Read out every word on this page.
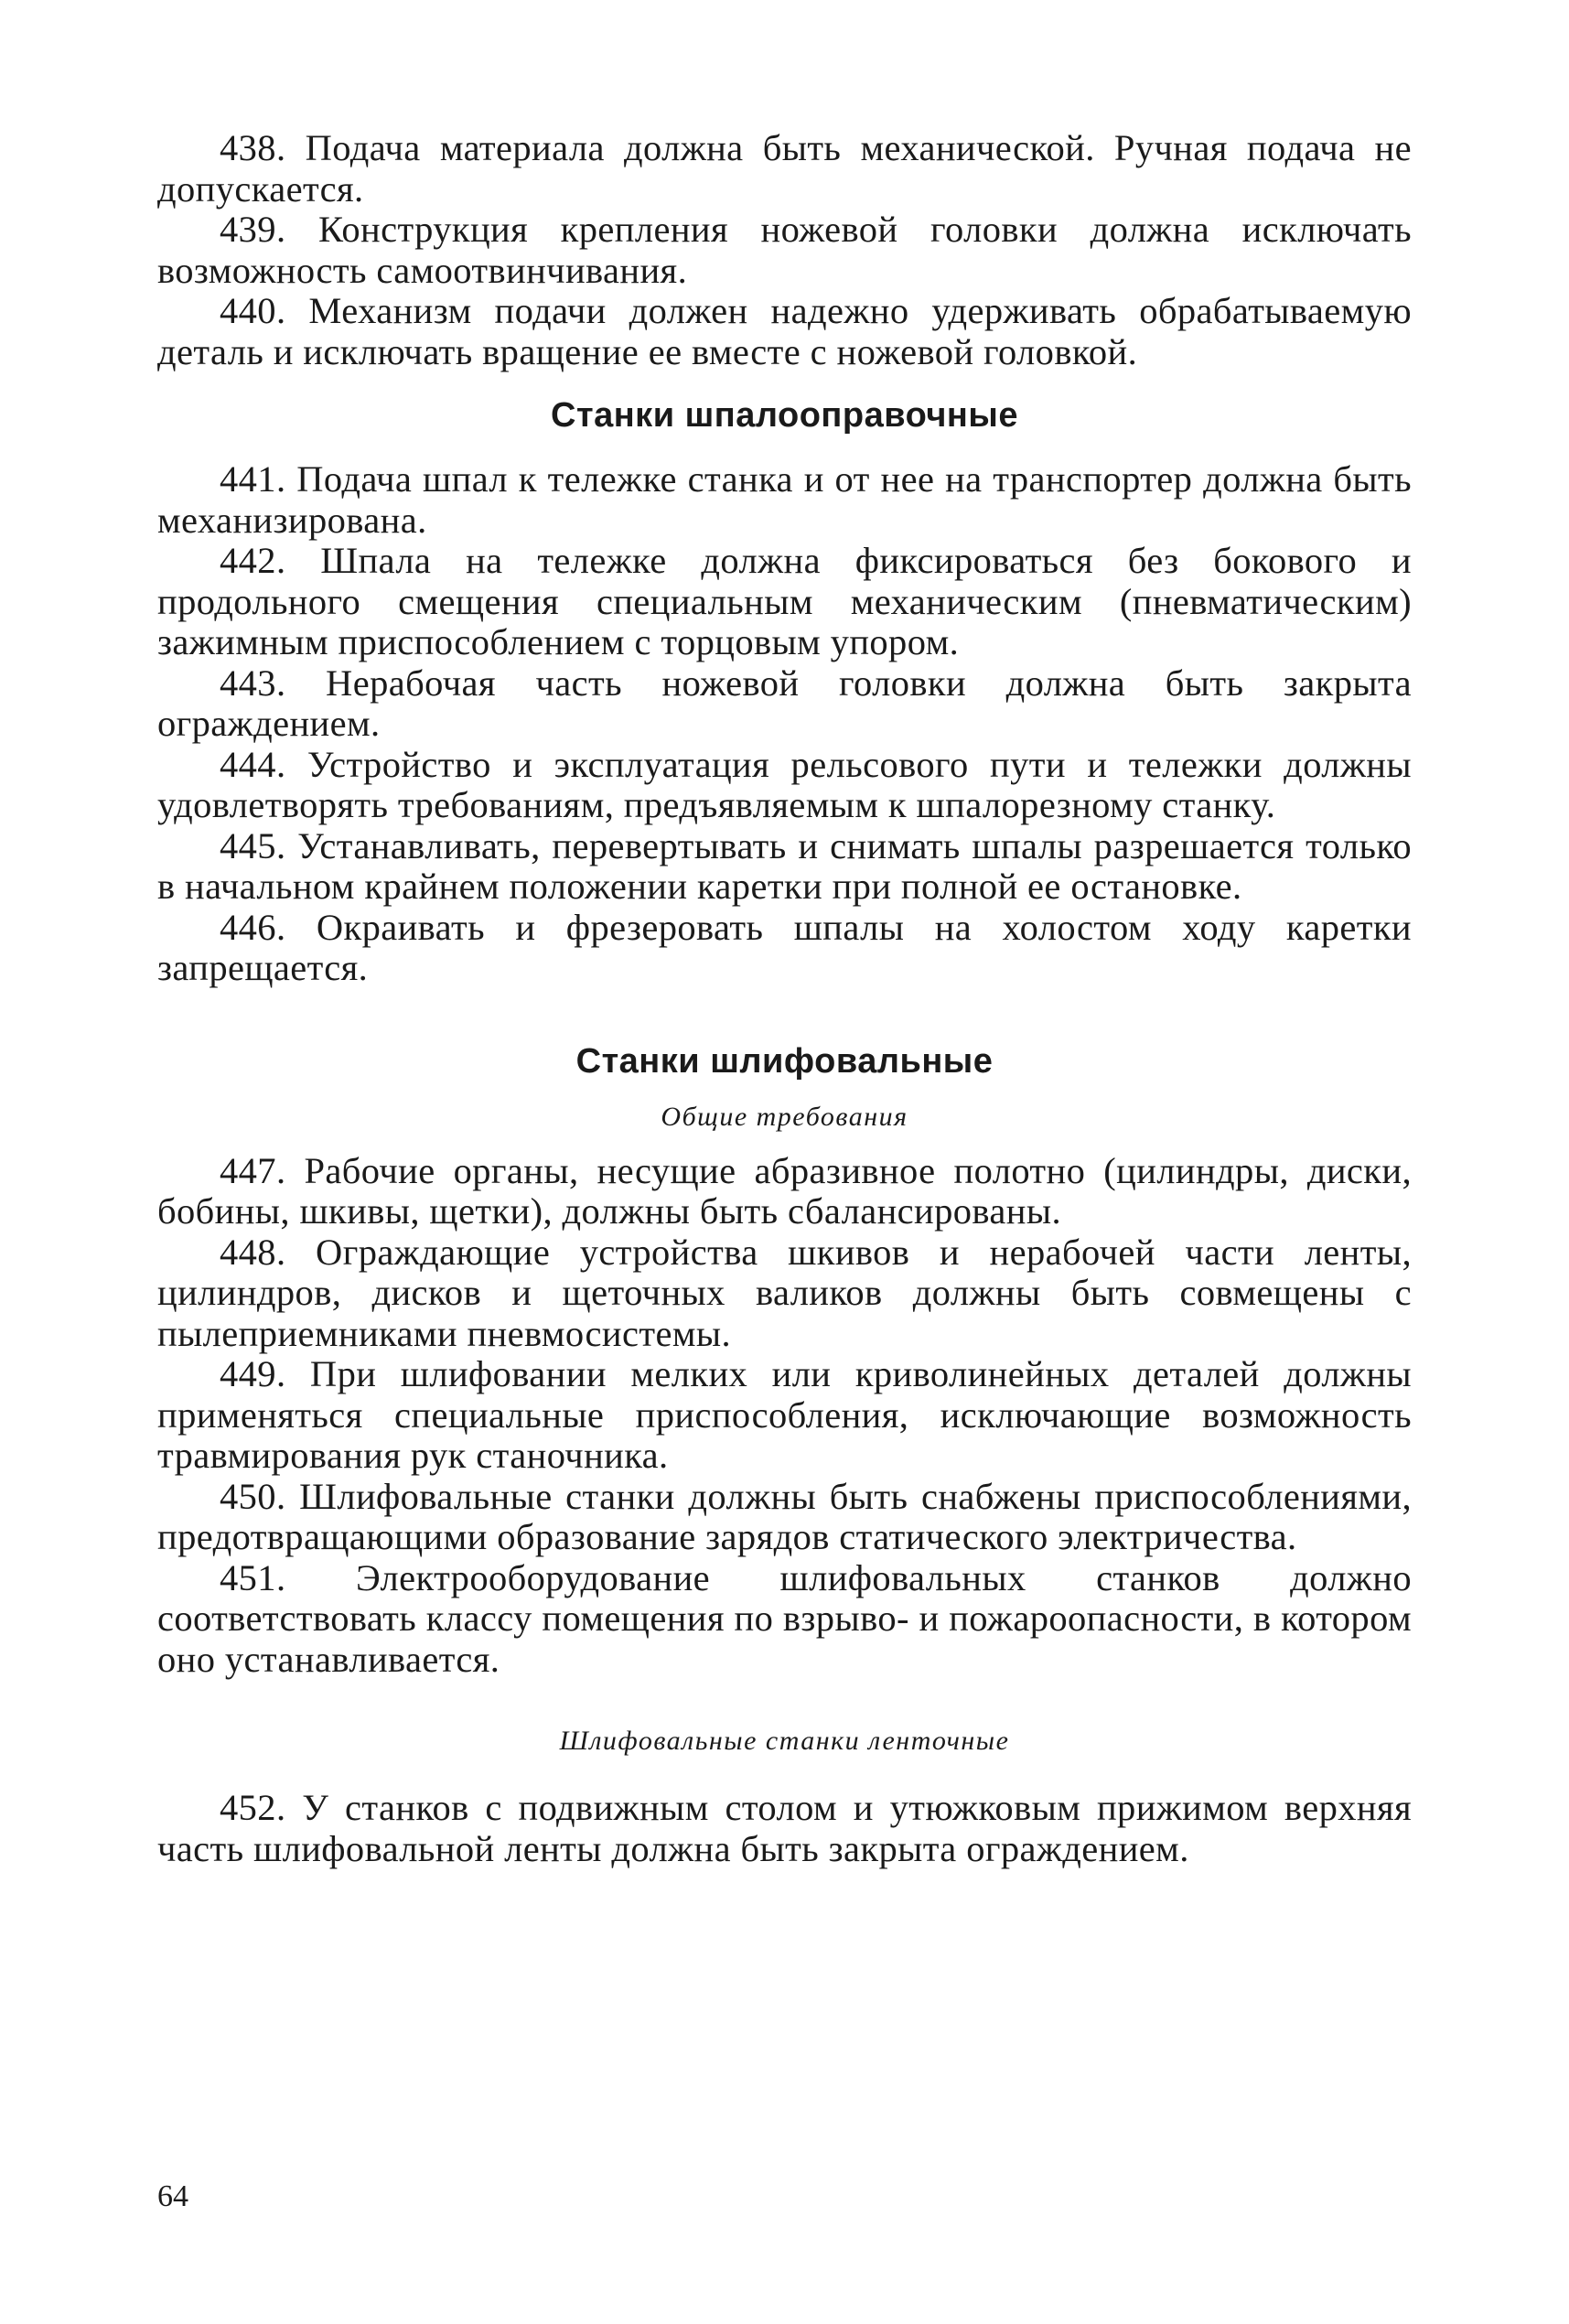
438. Подача материала должна быть механической. Ручная подача не допускается.

439. Конструкция крепления ножевой головки должна исключать возможность самоотвинчивания.

440. Механизм подачи должен надежно удерживать обрабатываемую деталь и исключать вращение ее вместе с ножевой головкой.

Станки шпалооправочные

441. Подача шпал к тележке станка и от нее на транспортер должна быть механизирована.

442. Шпала на тележке должна фиксироваться без бокового и продольного смещения специальным механическим (пневматическим) зажимным приспособлением с торцовым упором.

443. Нерабочая часть ножевой головки должна быть закрыта ограждением.

444. Устройство и эксплуатация рельсового пути и тележки должны удовлетворять требованиям, предъявляемым к шпалорезному станку.

445. Устанавливать, перевертывать и снимать шпалы разрешается только в начальном крайнем положении каретки при полной ее остановке.

446. Окраивать и фрезеровать шпалы на холостом ходу каретки запрещается.

Станки шлифовальные

Общие требования

447. Рабочие органы, несущие абразивное полотно (цилиндры, диски, бобины, шкивы, щетки), должны быть сбалансированы.

448. Ограждающие устройства шкивов и нерабочей части ленты, цилиндров, дисков и щеточных валиков должны быть совмещены с пылеприемниками пневмосистемы.

449. При шлифовании мелких или криволинейных деталей должны применяться специальные приспособления, исключающие возможность травмирования рук станочника.

450. Шлифовальные станки должны быть снабжены приспособлениями, предотвращающими образование зарядов статического электричества.

451. Электрооборудование шлифовальных станков должно соответствовать классу помещения по взрыво- и пожароопасности, в котором оно устанавливается.

Шлифовальные станки ленточные

452. У станков с подвижным столом и утюжковым прижимом верхняя часть шлифовальной ленты должна быть закрыта ограждением.

64
